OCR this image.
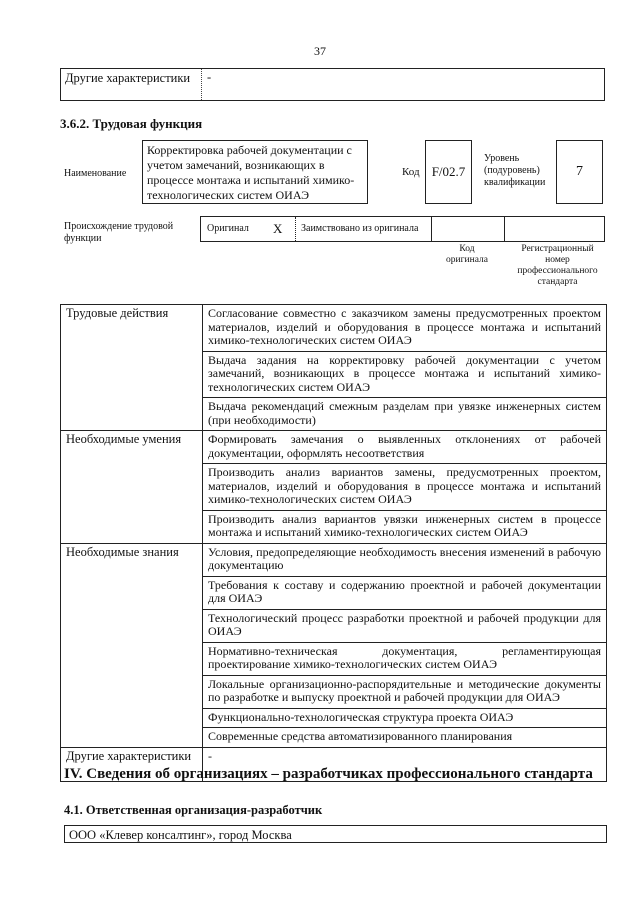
37
Другие характеристики -
3.6.2. Трудовая функция
Наименование
Корректировка рабочей документации с учетом замечаний, возникающих в процессе монтажа и испытаний химико-технологических систем ОИАЭ
Код F/02.7
Уровень (подуровень) квалификации
7
Происхождение трудовой функции
Оригинал X Заимствовано из оригинала
Код оригинала
Регистрационный номер профессионального стандарта
Трудовые действия	Согласование совместно с заказчиком замены предусмотренных проектом материалов, изделий и оборудования в процессе монтажа и испытаний химико-технологических систем ОИАЭ
	Выдача задания на корректировку рабочей документации с учетом замечаний, возникающих в процессе монтажа и испытаний химико-технологических систем ОИАЭ
	Выдача рекомендаций смежным разделам при увязке инженерных систем (при необходимости)
Необходимые умения	Формировать замечания о выявленных отклонениях от рабочей документации, оформлять несоответствия
	Производить анализ вариантов замены, предусмотренных проектом, материалов, изделий и оборудования в процессе монтажа и испытаний химико-технологических систем ОИАЭ
	Производить анализ вариантов увязки инженерных систем в процессе монтажа и испытаний химико-технологических систем ОИАЭ
Необходимые знания	Условия, предопределяющие необходимость внесения изменений в рабочую документацию
	Требования к составу и содержанию проектной и рабочей документации для ОИАЭ
	Технологический процесс разработки проектной и рабочей продукции для ОИАЭ
	Нормативно-техническая документация, регламентирующая проектирование химико-технологических систем ОИАЭ
	Локальные организационно-распорядительные и методические документы по разработке и выпуску проектной и рабочей продукции для ОИАЭ
	Функционально-технологическая структура проекта ОИАЭ
	Современные средства автоматизированного планирования
Другие характеристики	-
IV. Сведения об организациях – разработчиках профессионального стандарта
4.1. Ответственная организация-разработчик
ООО «Клевер консалтинг», город Москва
